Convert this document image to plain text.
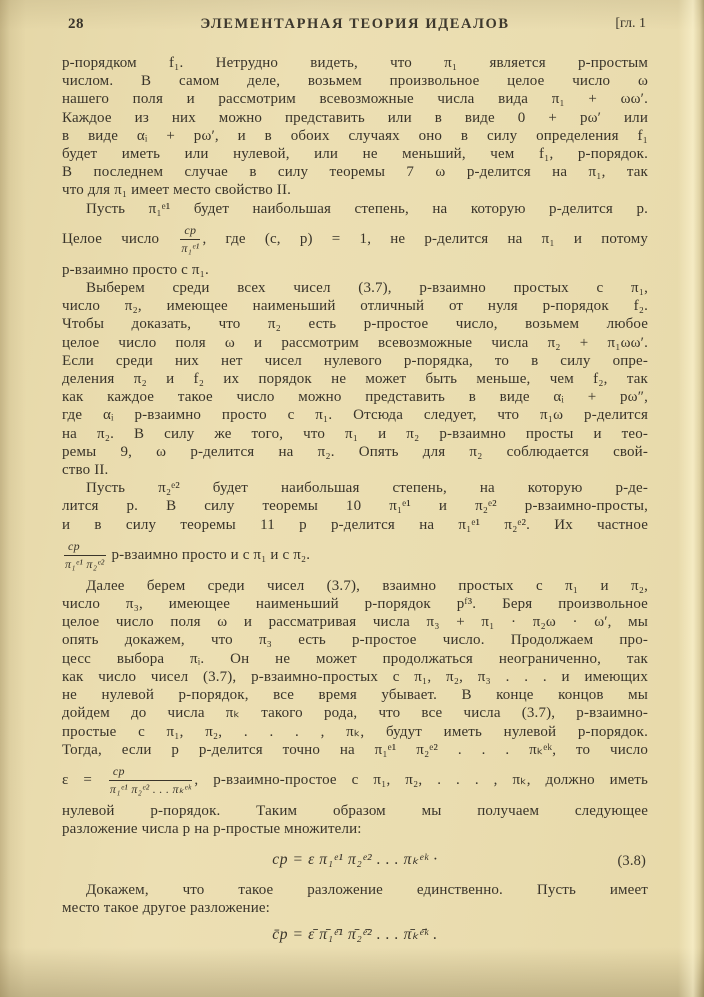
28	ЭЛЕМЕНТАРНАЯ ТЕОРИЯ ИДЕАЛОВ	[гл. 1
p-порядком f₁. Нетрудно видеть, что π₁ является p-простым
числом. В самом деле, возьмем произвольное целое число ω
нашего поля и рассмотрим всевозможные числа вида π₁ + ωω′.
Каждое из них можно представить или в виде 0 + pω′ или
в виде αᵢ + pω′, и в обоих случаях оно в силу определения f₁
будет иметь или нулевой, или не меньший, чем f₁, p-порядок.
В последнем случае в силу теоремы 7 ω p-делится на π₁, так
что для π₁ имеет место свойство II.
Пусть π₁ᵉ¹ будет наибольшая степень, на которую p-делится p.
Целое число $\frac{cp}{\text{π₁ᵉ¹}}$ , где (c, p) = 1, не p-делится на π₁ и потому
p-взаимно просто с π₁.
Выберем среди всех чисел (3.7), p-взаимно простых с π₁,
число π₂, имеющее наименьший отличный от нуля p-порядок f₂.
Чтобы доказать, что π₂ есть p-простое число, возьмем любое
целое число поля ω и рассмотрим всевозможные числа π₂ + π₁ωω′.
Если среди них нет чисел нулевого p-порядка, то в силу опре-
деления π₂ и f₂ их порядок не может быть меньше, чем f₂, так
как каждое такое число можно представить в виде αᵢ + pω″,
где αᵢ p-взаимно просто с π₁. Отсюда следует, что π₁ω p-делится
на π₂. В силу же того, что π₁ и π₂ p-взаимно просты и тео-
ремы 9, ω p-делится на π₂. Опять для π₂ соблюдается свой-
ство II.
Пусть π₂ᵉ² будет наибольшая степень, на которую p-де-
лится p. В силу теоремы 10 π₁ᵉ¹ и π₂ᵉ² p-взаимно-просты,
и в силу теоремы 11 p p-делится на π₁ᵉ¹ π₂ᵉ². Их частное
$\frac{cp}{\text{π₁ᵉ¹ π₂ᵉ²}}$ p-взаимно просто и с π₁ и с π₂.
Далее берем среди чисел (3.7), взаимно простых с π₁ и π₂,
число π₃, имеющее наименьший p-порядок pᶠ³. Беря произвольное
целое число поля ω и рассматривая числа π₃ + π₁ · π₂ω · ω′, мы
опять докажем, что π₃ есть p-простое число. Продолжаем про-
цесс выбора πᵢ. Он не может продолжаться неограниченно, так
как число чисел (3.7), p-взаимно-простых с π₁, π₂, π₃ . . . и имеющих
не нулевой p-порядок, все время убывает. В конце концов мы
дойдем до числа πₖ такого рода, что все числа (3.7), p-взаимно-
простые с π₁, π₂, . . . , πₖ, будут иметь нулевой p-порядок.
Тогда, если p p-делится точно на π₁ᵉ¹ π₂ᵉ² . . . πₖᵉᵏ, то число
$\varepsilon = \frac{cp}{\text{π₁ᵉ¹ π₂ᵉ² . . . πₖᵉᵏ}}$ , p-взаимно-простое с π₁, π₂, . . . , πₖ, должно иметь
нулевой p-порядок. Таким образом мы получаем следующее
разложение числа p на p-простые множители:
cp = ε π₁ᵉ¹ π₂ᵉ² . . . πₖᵉᵏ ·	(3.8)
Докажем, что такое разложение единственно. Пусть имеет
место такое другое разложение:
c̄p = ε̄ π̄₁ᵉ̄¹ π̄₂ᵉ̄² . . . π̄ₖᵉ̄ᵏ .
